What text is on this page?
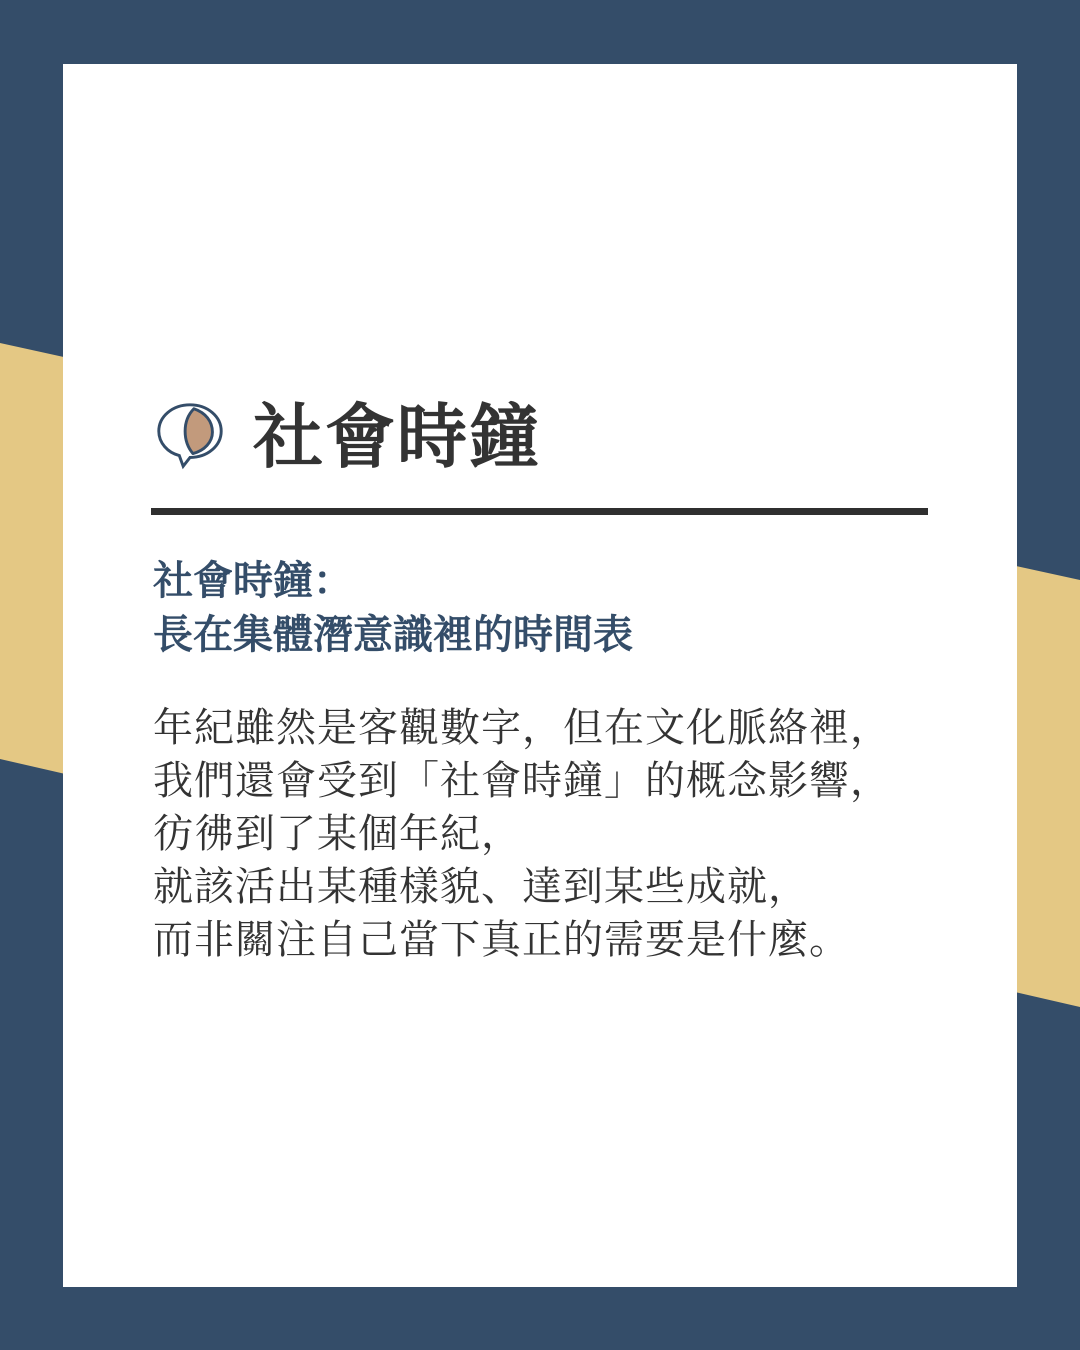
社會時鐘
社會時鐘：
長在集體潛意識裡的時間表
年紀雖然是客觀數字，但在文化脈絡裡，
我們還會受到「社會時鐘」的概念影響，
彷彿到了某個年紀，
就該活出某種樣貌、達到某些成就，
而非關注自己當下真正的需要是什麼。
